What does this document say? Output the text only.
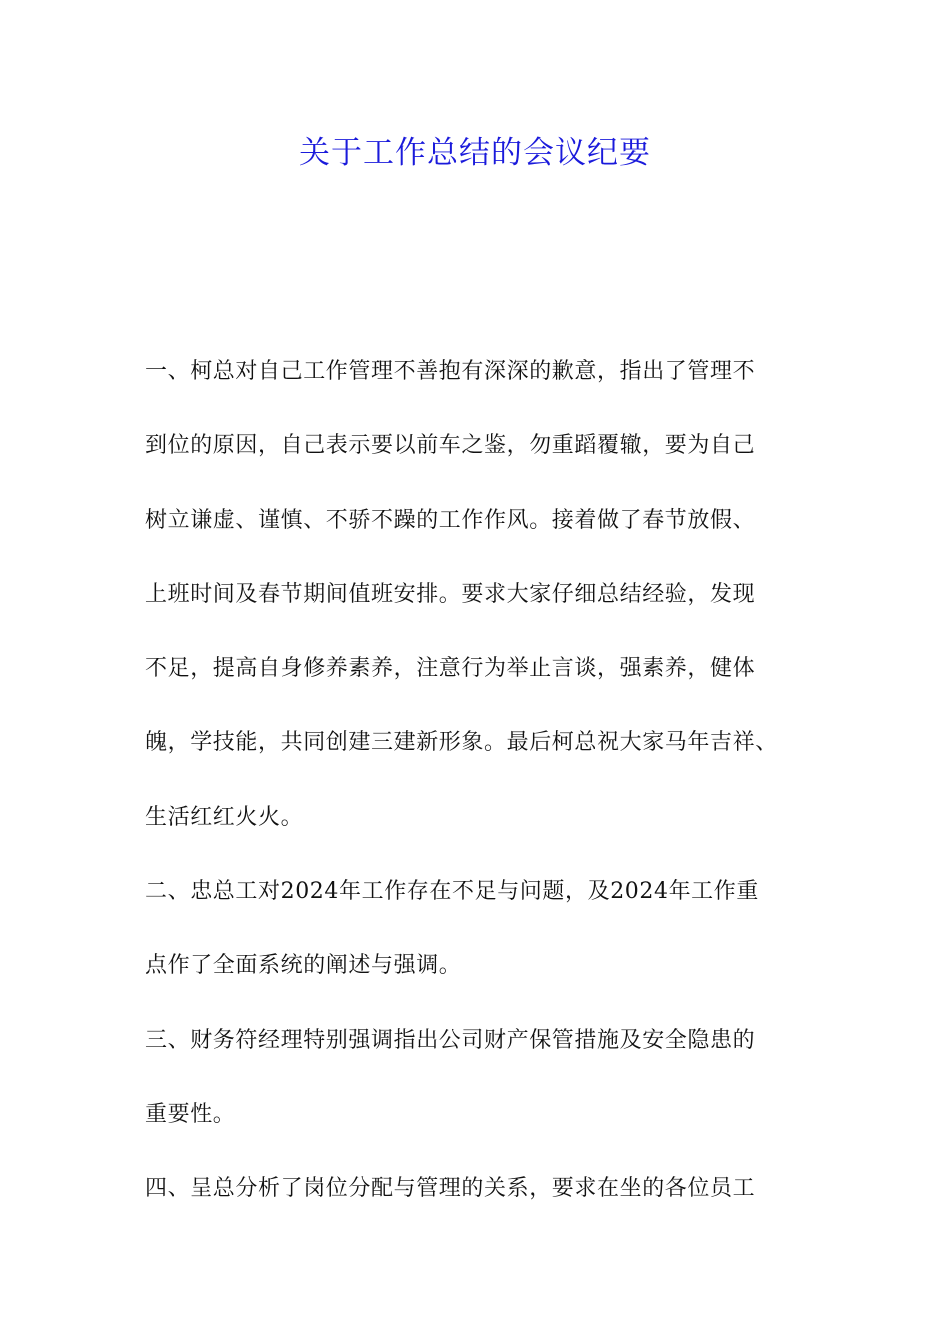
关于工作总结的会议纪要

一、柯总对自己工作管理不善抱有深深的歉意，指出了管理不
到位的原因，自己表示要以前车之鉴，勿重蹈覆辙，要为自己
树立谦虚、谨慎、不骄不躁的工作作风。接着做了春节放假、
上班时间及春节期间值班安排。要求大家仔细总结经验，发现
不足，提高自身修养素养，注意行为举止言谈，强素养，健体
魄，学技能，共同创建三建新形象。最后柯总祝大家马年吉祥、
生活红红火火。

二、忠总工对2024年工作存在不足与问题，及2024年工作重
点作了全面系统的阐述与强调。

三、财务符经理特别强调指出公司财产保管措施及安全隐患的
重要性。

四、呈总分析了岗位分配与管理的关系，要求在坐的各位员工
